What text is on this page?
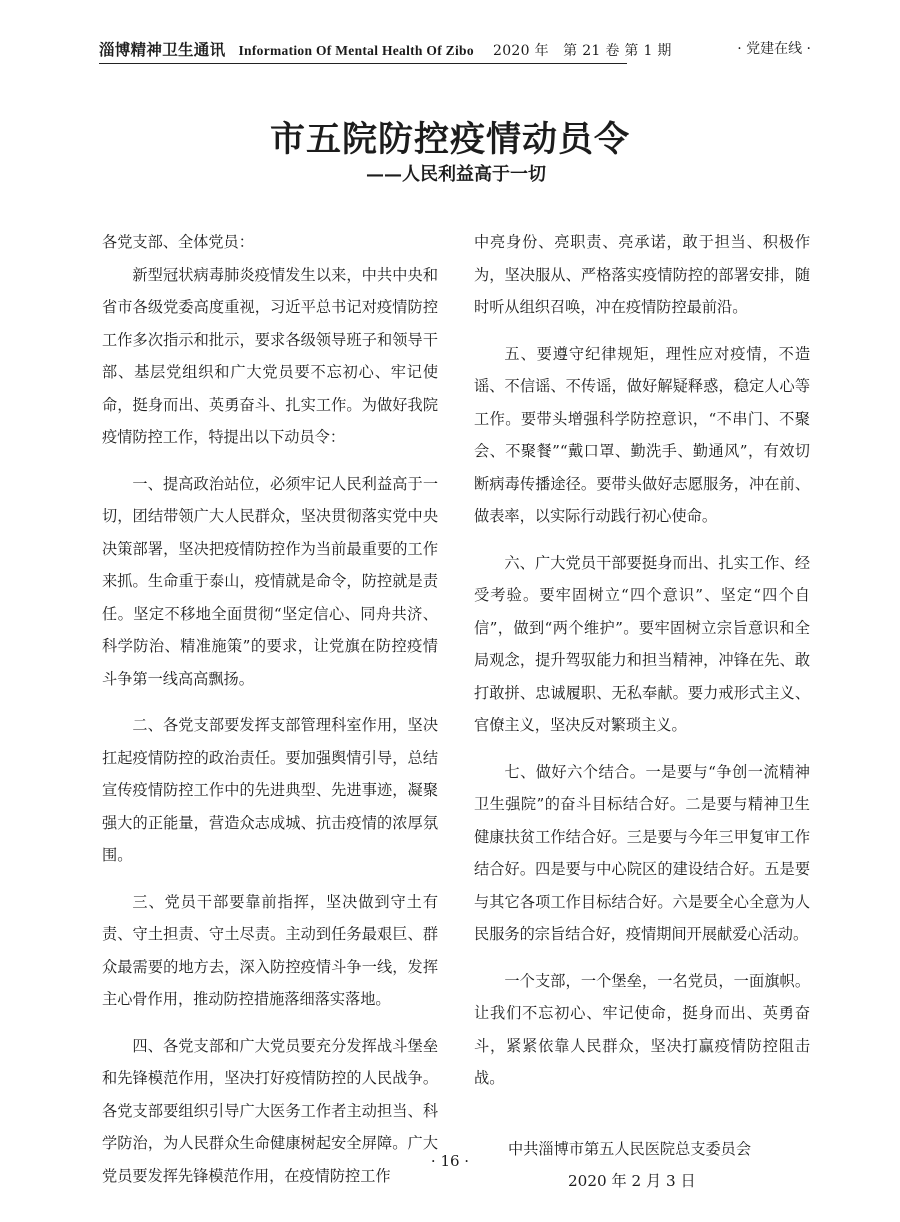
淄博精神卫生通讯 Information Of Mental Health Of Zibo 2020 年　第 21 卷 第 1 期	· 党建在线 ·
市五院防控疫情动员令
——人民利益高于一切

各党支部、全体党员：

新型冠状病毒肺炎疫情发生以来，中共中央和省市各级党委高度重视，习近平总书记对疫情防控工作多次指示和批示，要求各级领导班子和领导干部、基层党组织和广大党员要不忘初心、牢记使命，挺身而出、英勇奋斗、扎实工作。为做好我院疫情防控工作，特提出以下动员令：

一、提高政治站位，必须牢记人民利益高于一切，团结带领广大人民群众，坚决贯彻落实党中央决策部署，坚决把疫情防控作为当前最重要的工作来抓。生命重于泰山，疫情就是命令，防控就是责任。坚定不移地全面贯彻“坚定信心、同舟共济、科学防治、精准施策”的要求，让党旗在防控疫情斗争第一线高高飘扬。

二、各党支部要发挥支部管理科室作用，坚决扛起疫情防控的政治责任。要加强舆情引导，总结宣传疫情防控工作中的先进典型、先进事迹，凝聚强大的正能量，营造众志成城、抗击疫情的浓厚氛围。

三、党员干部要靠前指挥，坚决做到守土有责、守土担责、守土尽责。主动到任务最艰巨、群众最需要的地方去，深入防控疫情斗争一线，发挥主心骨作用，推动防控措施落细落实落地。

四、各党支部和广大党员要充分发挥战斗堡垒和先锋模范作用，坚决打好疫情防控的人民战争。各党支部要组织引导广大医务工作者主动担当、科学防治，为人民群众生命健康树起安全屏障。广大党员要发挥先锋模范作用，在疫情防控工作

中亮身份、亮职责、亮承诺，敢于担当、积极作为，坚决服从、严格落实疫情防控的部署安排，随时听从组织召唤，冲在疫情防控最前沿。

五、要遵守纪律规矩，理性应对疫情，不造谣、不信谣、不传谣，做好解疑释惑，稳定人心等工作。要带头增强科学防控意识，“不串门、不聚会、不聚餐”“戴口罩、勤洗手、勤通风”，有效切断病毒传播途径。要带头做好志愿服务，冲在前、做表率，以实际行动践行初心使命。

六、广大党员干部要挺身而出、扎实工作、经受考验。要牢固树立“四个意识”、坚定“四个自信”，做到“两个维护”。要牢固树立宗旨意识和全局观念，提升驾驭能力和担当精神，冲锋在先、敢打敢拼、忠诚履职、无私奉献。要力戒形式主义、官僚主义，坚决反对繁琐主义。

七、做好六个结合。一是要与“争创一流精神卫生强院”的奋斗目标结合好。二是要与精神卫生健康扶贫工作结合好。三是要与今年三甲复审工作结合好。四是要与中心院区的建设结合好。五是要与其它各项工作目标结合好。六是要全心全意为人民服务的宗旨结合好，疫情期间开展献爱心活动。

一个支部，一个堡垒，一名党员，一面旗帜。让我们不忘初心、牢记使命，挺身而出、英勇奋斗，紧紧依靠人民群众，坚决打赢疫情防控阻击战。

中共淄博市第五人民医院总支委员会
2020 年 2 月 3 日
· 16 ·
